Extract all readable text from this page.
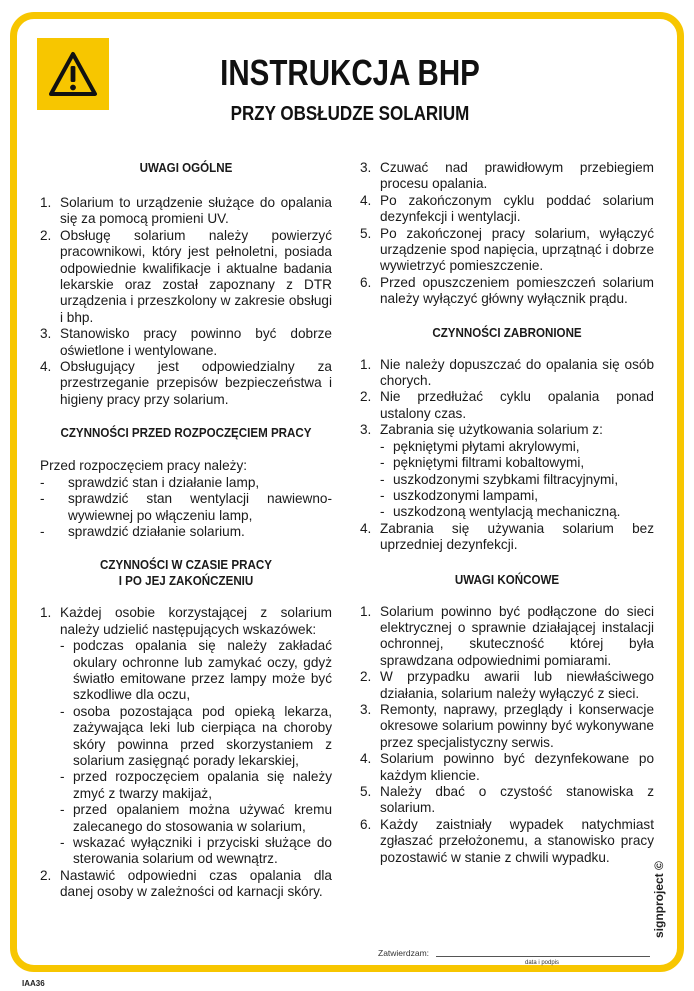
INSTRUKCJA BHP
PRZY OBSŁUDZE SOLARIUM
UWAGI OGÓLNE
1. Solarium to urządzenie służące do opalania się za pomocą promieni UV.
2. Obsługę solarium należy powierzyć pracownikowi, który jest pełnoletni, posiada odpowiednie kwalifikacje i aktualne badania lekarskie oraz został zapoznany z DTR urządzenia i przeszkolony w zakresie obsługi i bhp.
3. Stanowisko pracy powinno być dobrze oświetlone i wentylowane.
4. Obsługujący jest odpowiedzialny za przestrzeganie przepisów bezpieczeństwa i higieny pracy przy solarium.
CZYNNOŚCI PRZED ROZPOCZĘCIEM PRACY

Przed rozpoczęciem pracy należy:

-	sprawdzić stan i działanie lamp,
-	sprawdzić stan wentylacji nawiewno-wywiewnej po włączeniu lamp,
-	sprawdzić działanie solarium.
CZYNNOŚCI W CZASIE PRACY
I PO JEJ ZAKOŃCZENIU
1. Każdej osobie korzystającej z solarium należy udzielić następujących wskazówek:
- podczas opalania się należy zakładać okulary ochronne lub zamykać oczy, gdyż światło emitowane przez lampy może być szkodliwe dla oczu,
- osoba pozostająca pod opieką lekarza, zażywająca leki lub cierpiąca na choroby skóry powinna przed skorzystaniem z solarium zasięgnąć porady lekarskiej,
- przed rozpoczęciem opalania się należy zmyć z twarzy makijaż,
- przed opalaniem można używać kremu zalecanego do stosowania w solarium,
- wskazać wyłączniki i przyciski służące do sterowania solarium od wewnątrz.
2. Nastawić odpowiedni czas opalania dla danej osoby w zależności od karnacji skóry.
3. Czuwać nad prawidłowym przebiegiem procesu opalania.
4. Po zakończonym cyklu poddać solarium dezynfekcji i wentylacji.
5. Po zakończonej pracy solarium, wyłączyć urządzenie spod napięcia, uprzątnąć i dobrze wywietrzyć pomieszczenie.
6. Przed opuszczeniem pomieszczeń solarium należy wyłączyć główny wyłącznik prądu.
CZYNNOŚCI ZABRONIONE
1. Nie należy dopuszczać do opalania się osób chorych.
2. Nie przedłużać cyklu opalania ponad ustalony czas.
3. Zabrania się użytkowania solarium z:
- pękniętymi płytami akrylowymi,
- pękniętymi filtrami kobaltowymi,
- uszkodzonymi szybkami filtracyjnymi,
- uszkodzonymi lampami,
- uszkodzoną wentylacją mechaniczną.
4. Zabrania się używania solarium bez uprzedniej dezynfekcji.
UWAGI KOŃCOWE
1. Solarium powinno być podłączone do sieci elektrycznej o sprawnie działającej instalacji ochronnej, skuteczność której była sprawdzana odpowiednimi pomiarami.
2. W przypadku awarii lub niewłaściwego działania, solarium należy wyłączyć z sieci.
3. Remonty, naprawy, przeglądy i konserwacje okresowe solarium powinny być wykonywane przez specjalistyczny serwis.
4. Solarium powinno być dezynfekowane po każdym kliencie.
5. Należy dbać o czystość stanowiska z solarium.
6. Każdy zaistniały wypadek natychmiast zgłaszać przełożonemu, a stanowisko pracy pozostawić w stanie z chwili wypadku.
signproject ©
Zatwierdzam:
data i podpis
IAA36
